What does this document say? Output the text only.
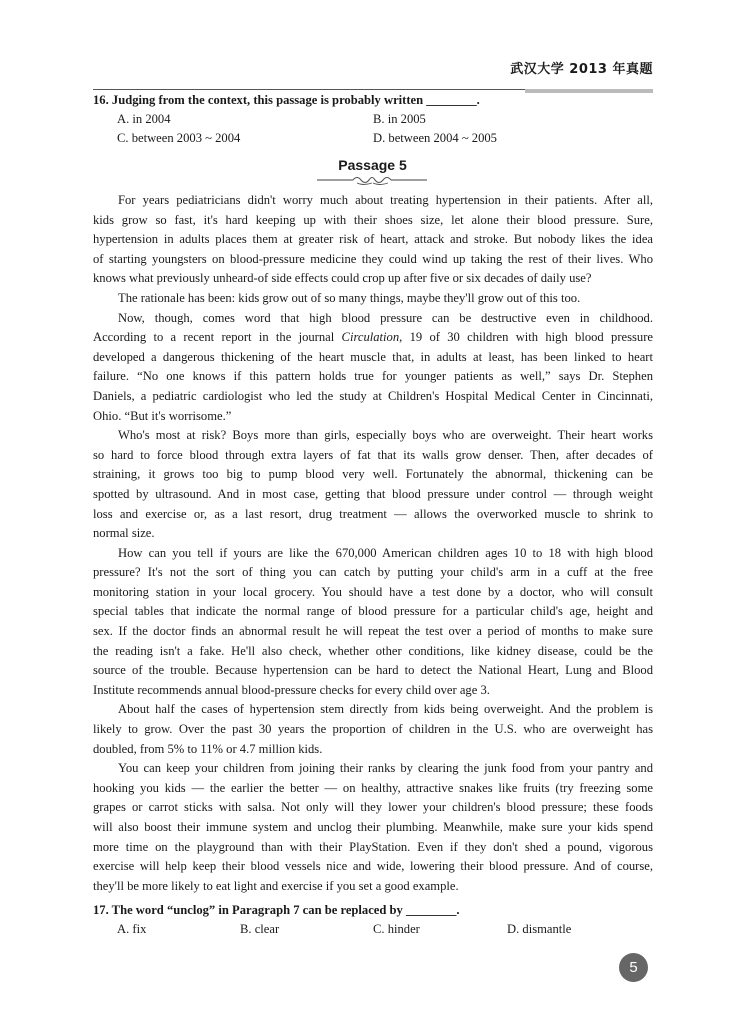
武汉大学 2013 年真题
16. Judging from the context, this passage is probably written ________.
A. in 2004	B. in 2005
C. between 2003 ~ 2004	D. between 2004 ~ 2005
Passage 5
For years pediatricians didn't worry much about treating hypertension in their patients. After all,
kids grow so fast, it's hard keeping up with their shoes size, let alone their blood pressure. Sure,
hypertension in adults places them at greater risk of heart, attack and stroke. But nobody likes the idea
of starting youngsters on blood-pressure medicine they could wind up taking the rest of their lives. Who
knows what previously unheard-of side effects could crop up after five or six decades of daily use?
The rationale has been: kids grow out of so many things, maybe they'll grow out of this too.
Now, though, comes word that high blood pressure can be destructive even in childhood.
According to a recent report in the journal Circulation, 19 of 30 children with high blood pressure
developed a dangerous thickening of the heart muscle that, in adults at least, has been linked to heart
failure. “No one knows if this pattern holds true for younger patients as well,” says Dr. Stephen
Daniels, a pediatric cardiologist who led the study at Children's Hospital Medical Center in Cincinnati,
Ohio. “But it's worrisome.”
Who's most at risk? Boys more than girls, especially boys who are overweight. Their heart works
so hard to force blood through extra layers of fat that its walls grow denser. Then, after decades of
straining, it grows too big to pump blood very well. Fortunately the abnormal, thickening can be
spotted by ultrasound. And in most case, getting that blood pressure under control — through weight
loss and exercise or, as a last resort, drug treatment — allows the overworked muscle to shrink to
normal size.
How can you tell if yours are like the 670,000 American children ages 10 to 18 with high blood
pressure? It's not the sort of thing you can catch by putting your child's arm in a cuff at the free
monitoring station in your local grocery. You should have a test done by a doctor, who will consult
special tables that indicate the normal range of blood pressure for a particular child's age, height and
sex. If the doctor finds an abnormal result he will repeat the test over a period of months to make sure
the reading isn't a fake. He'll also check, whether other conditions, like kidney disease, could be the
source of the trouble. Because hypertension can be hard to detect the National Heart, Lung and Blood
Institute recommends annual blood-pressure checks for every child over age 3.
About half the cases of hypertension stem directly from kids being overweight. And the problem is
likely to grow. Over the past 30 years the proportion of children in the U.S. who are overweight has
doubled, from 5% to 11% or 4.7 million kids.
You can keep your children from joining their ranks by clearing the junk food from your pantry and
hooking you kids — the earlier the better — on healthy, attractive snakes like fruits (try freezing some
grapes or carrot sticks with salsa. Not only will they lower your children's blood pressure; these foods
will also boost their immune system and unclog their plumbing. Meanwhile, make sure your kids spend
more time on the playground than with their PlayStation. Even if they don't shed a pound, vigorous
exercise will help keep their blood vessels nice and wide, lowering their blood pressure. And of course,
they'll be more likely to eat light and exercise if you set a good example.
17. The word “unclog” in Paragraph 7 can be replaced by ________.
A. fix	B. clear	C. hinder	D. dismantle
5
